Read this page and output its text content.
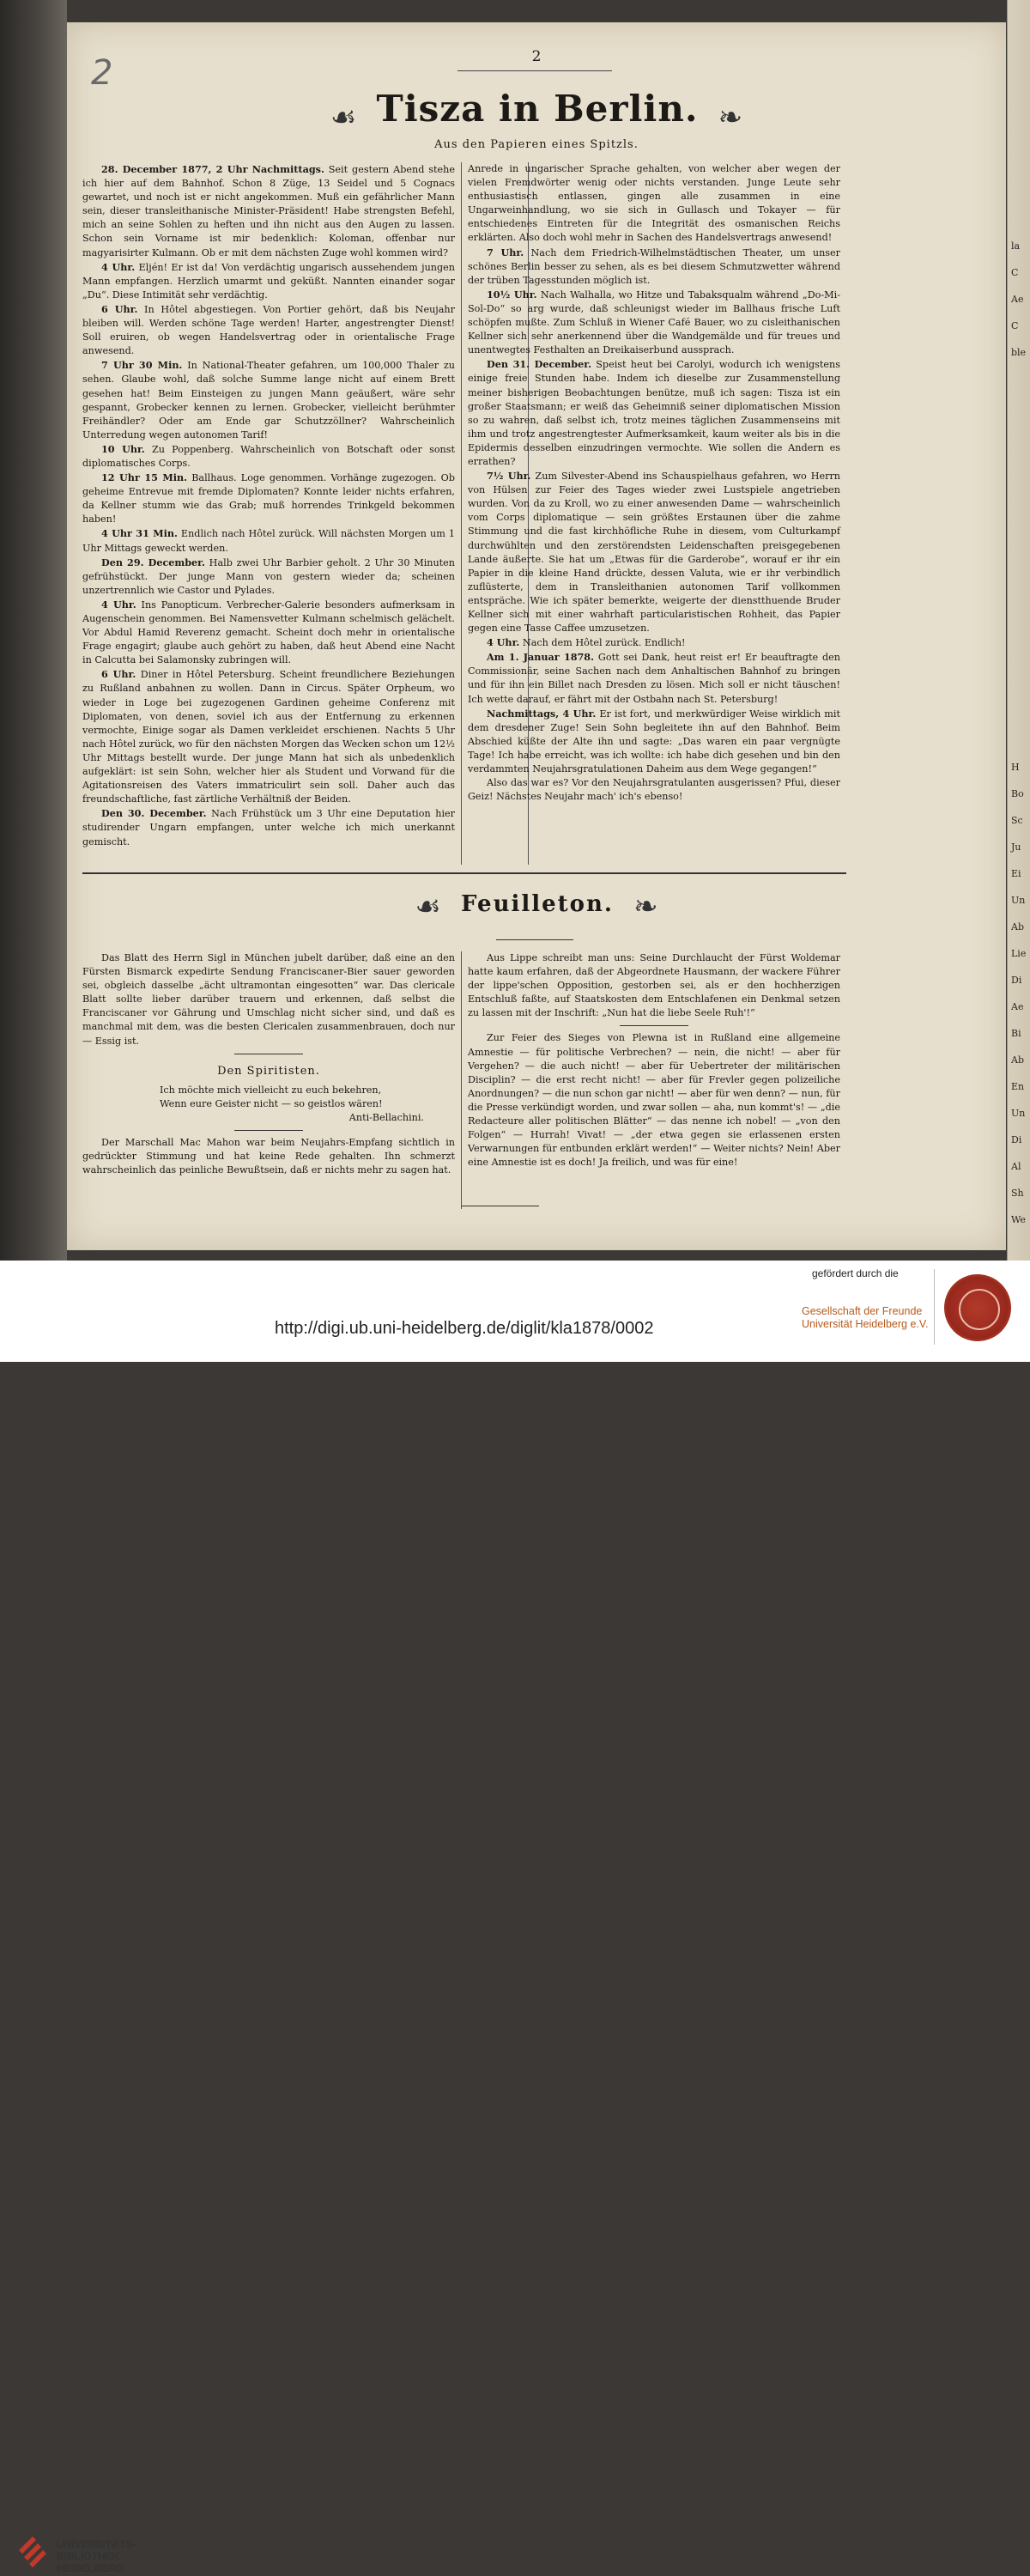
la
C
Ae
C
ble
H
Bo
Sc
Ju
Ei
Un
Ab
Lie
Di
Ae
Bi
Ab
En
Un
Di
Al
Sh
We
2	2
☙ Tisza in Berlin. ❧
Aus den Papieren eines Spitzls.

28. December 1877, 2 Uhr Nachmittags. Seit gestern Abend stehe ich hier auf dem Bahnhof. Schon 8 Züge, 13 Seidel und 5 Cognacs gewartet, und noch ist er nicht angekommen. Muß ein gefährlicher Mann sein, dieser transleithanische Minister-Präsident! Habe strengsten Befehl, mich an seine Sohlen zu heften und ihn nicht aus den Augen zu lassen. Schon sein Vorname ist mir bedenklich: Koloman, offenbar nur magyarisirter Kulmann. Ob er mit dem nächsten Zuge wohl kommen wird?

4 Uhr. Eljén! Er ist da! Von verdächtig ungarisch aussehendem jungen Mann empfangen. Herzlich umarmt und geküßt. Nannten einander sogar „Du“. Diese Intimität sehr verdächtig.

6 Uhr. In Hôtel abgestiegen. Von Portier gehört, daß bis Neujahr bleiben will. Werden schöne Tage werden! Harter, angestrengter Dienst! Soll eruiren, ob wegen Handelsvertrag oder in orientalische Frage anwesend.

7 Uhr 30 Min. In National-Theater gefahren, um 100,000 Thaler zu sehen. Glaube wohl, daß solche Summe lange nicht auf einem Brett gesehen hat! Beim Einsteigen zu jungen Mann geäußert, wäre sehr gespannt, Grobecker kennen zu lernen. Grobecker, vielleicht berühmter Freihändler? Oder am Ende gar Schutzzöllner? Wahrscheinlich Unterredung wegen autonomen Tarif!

10 Uhr. Zu Poppenberg. Wahrscheinlich von Botschaft oder sonst diplomatisches Corps.

12 Uhr 15 Min. Ballhaus. Loge genommen. Vorhänge zugezogen. Ob geheime Entrevue mit fremde Diplomaten? Konnte leider nichts erfahren, da Kellner stumm wie das Grab; muß horrendes Trinkgeld bekommen haben!

4 Uhr 31 Min. Endlich nach Hôtel zurück. Will nächsten Morgen um 1 Uhr Mittags geweckt werden.

Den 29. December. Halb zwei Uhr Barbier geholt. 2 Uhr 30 Minuten gefrühstückt. Der junge Mann von gestern wieder da; scheinen unzertrennlich wie Castor und Pylades.

4 Uhr. Ins Panopticum. Verbrecher-Galerie besonders aufmerksam in Augenschein genommen. Bei Namensvetter Kulmann schelmisch gelächelt. Vor Abdul Hamid Reverenz gemacht. Scheint doch mehr in orientalische Frage engagirt; glaube auch gehört zu haben, daß heut Abend eine Nacht in Calcutta bei Salamonsky zubringen will.

6 Uhr. Diner in Hôtel Petersburg. Scheint freundlichere Beziehungen zu Rußland anbahnen zu wollen. Dann in Circus. Später Orpheum, wo wieder in Loge bei zugezogenen Gardinen geheime Conferenz mit Diplomaten, von denen, soviel ich aus der Entfernung zu erkennen vermochte, Einige sogar als Damen verkleidet erschienen. Nachts 5 Uhr nach Hôtel zurück, wo für den nächsten Morgen das Wecken schon um 12½ Uhr Mittags bestellt wurde. Der junge Mann hat sich als unbedenklich aufgeklärt: ist sein Sohn, welcher hier als Student und Vorwand für die Agitationsreisen des Vaters immatriculirt sein soll. Daher auch das freundschaftliche, fast zärtliche Verhältniß der Beiden.

Den 30. December. Nach Frühstück um 3 Uhr eine Deputation hier studirender Ungarn empfangen, unter welche ich mich unerkannt gemischt.

Anrede in ungarischer Sprache gehalten, von welcher aber wegen der vielen Fremdwörter wenig oder nichts verstanden. Junge Leute sehr enthusiastisch entlassen, gingen alle zusammen in eine Ungarweinhandlung, wo sie sich in Gullasch und Tokayer — für entschiedenes Eintreten für die Integrität des osmanischen Reichs erklärten. Also doch wohl mehr in Sachen des Handelsvertrags anwesend!

7 Uhr. Nach dem Friedrich-Wilhelmstädtischen Theater, um unser schönes Berlin besser zu sehen, als es bei diesem Schmutzwetter während der trüben Tagesstunden möglich ist.

10½ Uhr. Nach Walhalla, wo Hitze und Tabaksqualm während „Do-Mi-Sol-Do“ so arg wurde, daß schleunigst wieder im Ballhaus frische Luft schöpfen mußte. Zum Schluß in Wiener Café Bauer, wo zu cisleithanischen Kellner sich sehr anerkennend über die Wandgemälde und für treues und unentwegtes Festhalten an Dreikaiserbund aussprach.

Den 31. December. Speist heut bei Carolyi, wodurch ich wenigstens einige freie Stunden habe. Indem ich dieselbe zur Zusammenstellung meiner bisherigen Beobachtungen benütze, muß ich sagen: Tisza ist ein großer Staatsmann; er weiß das Geheimniß seiner diplomatischen Mission so zu wahren, daß selbst ich, trotz meines täglichen Zusammenseins mit ihm und trotz angestrengtester Aufmerksamkeit, kaum weiter als bis in die Epidermis desselben einzudringen vermochte. Wie sollen die Andern es errathen?

7½ Uhr. Zum Silvester-Abend ins Schauspielhaus gefahren, wo Herrn von Hülsen zur Feier des Tages wieder zwei Lustspiele angetrieben wurden. Von da zu Kroll, wo zu einer anwesenden Dame — wahrscheinlich vom Corps diplomatique — sein größtes Erstaunen über die zahme Stimmung und die fast kirchhöfliche Ruhe in diesem, vom Culturkampf durchwühlten und den zerstörendsten Leidenschaften preisgegebenen Lande äußerte. Sie hat um „Etwas für die Garderobe“, worauf er ihr ein Papier in die kleine Hand drückte, dessen Valuta, wie er ihr verbindlich zuflüsterte, dem in Transleithanien autonomen Tarif vollkommen entspräche. Wie ich später bemerkte, weigerte der dienstthuende Bruder Kellner sich mit einer wahrhaft particularistischen Rohheit, das Papier gegen eine Tasse Caffee umzusetzen.

4 Uhr. Nach dem Hôtel zurück. Endlich!

Am 1. Januar 1878. Gott sei Dank, heut reist er! Er beauftragte den Commissionär, seine Sachen nach dem Anhaltischen Bahnhof zu bringen und für ihn ein Billet nach Dresden zu lösen. Mich soll er nicht täuschen! Ich wette darauf, er fährt mit der Ostbahn nach St. Petersburg!

Nachmittags, 4 Uhr. Er ist fort, und merkwürdiger Weise wirklich mit dem dresdener Zuge! Sein Sohn begleitete ihn auf den Bahnhof. Beim Abschied küßte der Alte ihn und sagte: „Das waren ein paar vergnügte Tage! Ich habe erreicht, was ich wollte: ich habe dich gesehen und bin den verdammten Neujahrsgratulationen Daheim aus dem Wege gegangen!“

Also das war es? Vor den Neujahrsgratulanten ausgerissen? Pfui, dieser Geiz! Nächstes Neujahr mach' ich's ebenso!

☙ Feuilleton. ❧

Das Blatt des Herrn Sigl in München jubelt darüber, daß eine an den Fürsten Bismarck expedirte Sendung Franciscaner-Bier sauer geworden sei, obgleich dasselbe „ächt ultramontan eingesotten“ war. Das clericale Blatt sollte lieber darüber trauern und erkennen, daß selbst die Franciscaner vor Gährung und Umschlag nicht sicher sind, und daß es manchmal mit dem, was die besten Clericalen zusammenbrauen, doch nur — Essig ist.

Den Spiritisten.
Ich möchte mich vielleicht zu euch bekehren,
Wenn eure Geister nicht — so geistlos wären!
Anti-Bellachini.

Der Marschall Mac Mahon war beim Neujahrs-Empfang sichtlich in gedrückter Stimmung und hat keine Rede gehalten. Ihn schmerzt wahrscheinlich das peinliche Bewußtsein, daß er nichts mehr zu sagen hat.

Aus Lippe schreibt man uns: Seine Durchlaucht der Fürst Woldemar hatte kaum erfahren, daß der Abgeordnete Hausmann, der wackere Führer der lippe'schen Opposition, gestorben sei, als er den hochherzigen Entschluß faßte, auf Staatskosten dem Entschlafenen ein Denkmal setzen zu lassen mit der Inschrift: „Nun hat die liebe Seele Ruh'!“

Zur Feier des Sieges von Plewna ist in Rußland eine allgemeine Amnestie — für politische Verbrechen? — nein, die nicht! — aber für Vergehen? — die auch nicht! — aber für Uebertreter der militärischen Disciplin? — die erst recht nicht! — aber für Frevler gegen polizeiliche Anordnungen? — die nun schon gar nicht! — aber für wen denn? — nun, für die Presse verkündigt worden, und zwar sollen — aha, nun kommt's! — „die Redacteure aller politischen Blätter“ — das nenne ich nobel! — „von den Folgen“ — Hurrah! Vivat! — „der etwa gegen sie erlassenen ersten Verwarnungen für entbunden erklärt werden!“ — Weiter nichts? Nein! Aber eine Amnestie ist es doch! Ja freilich, und was für eine!

UNIVERSITÄTS-
BIBLIOTHEK
HEIDELBERG
http://digi.ub.uni-heidelberg.de/diglit/kla1878/0002
gefördert durch die
Gesellschaft der Freunde
Universität Heidelberg e.V.
